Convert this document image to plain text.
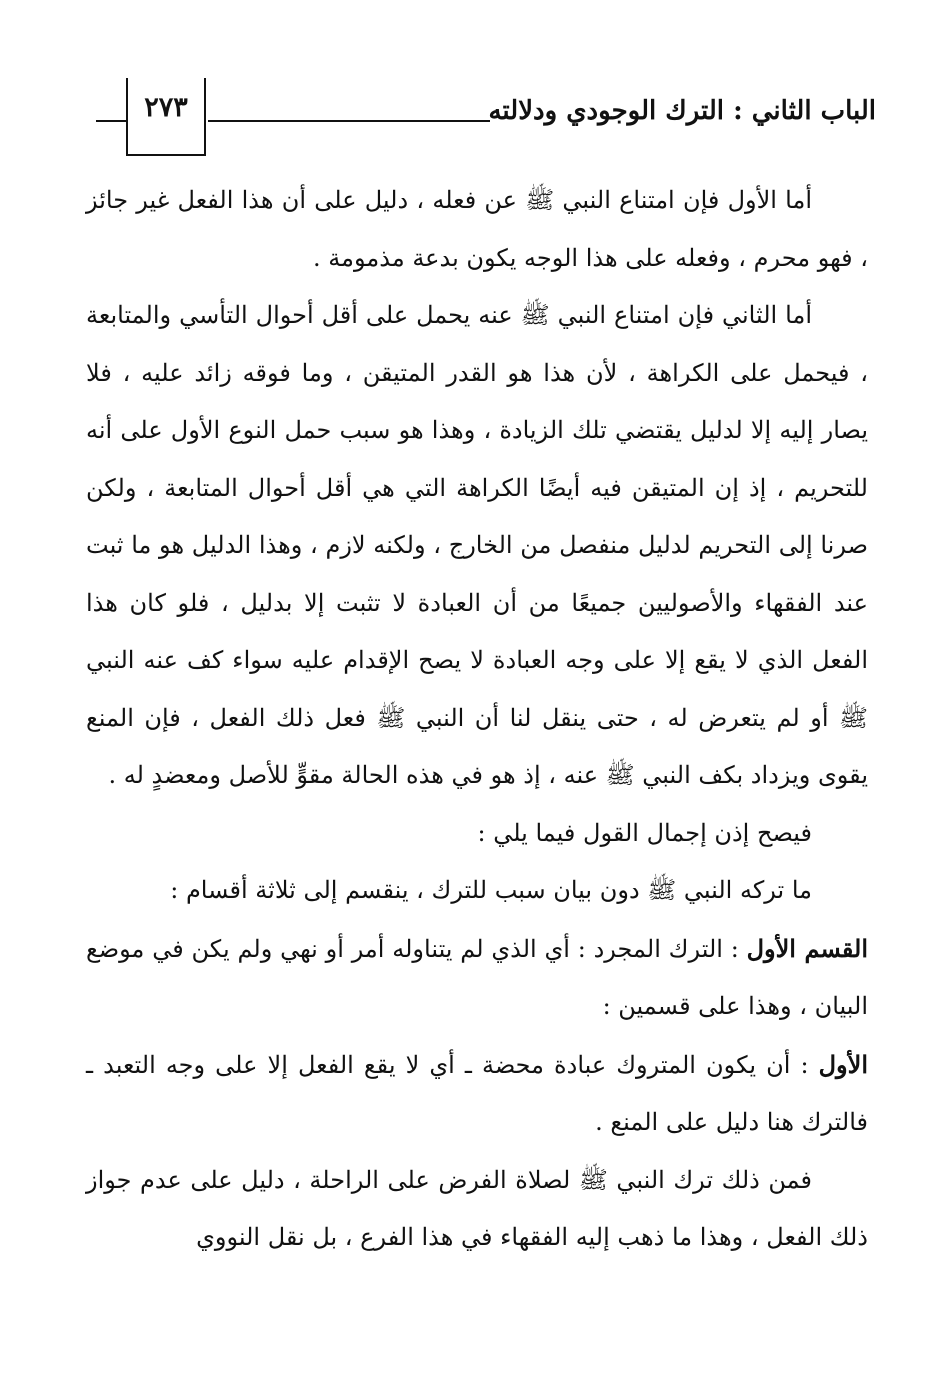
٢٧٣	الباب الثاني : الترك الوجودي ودلالته

أما الأول فإن امتناع النبي ﷺ عن فعله ، دليل على أن هذا الفعل غير جائز ، فهو محرم ، وفعله على هذا الوجه يكون بدعة مذمومة .

أما الثاني فإن امتناع النبي ﷺ عنه يحمل على أقل أحوال التأسي والمتابعة ، فيحمل على الكراهة ، لأن هذا هو القدر المتيقن ، وما فوقه زائد عليه ، فلا يصار إليه إلا لدليل يقتضي تلك الزيادة ، وهذا هو سبب حمل النوع الأول على أنه للتحريم ، إذ إن المتيقن فيه أيضًا الكراهة التي هي أقل أحوال المتابعة ، ولكن صرنا إلى التحريم لدليل منفصل من الخارج ، ولكنه لازم ، وهذا الدليل هو ما ثبت عند الفقهاء والأصوليين جميعًا من أن العبادة لا تثبت إلا بدليل ، فلو كان هذا الفعل الذي لا يقع إلا على وجه العبادة لا يصح الإقدام عليه سواء كف عنه النبي ﷺ أو لم يتعرض له ، حتى ينقل لنا أن النبي ﷺ فعل ذلك الفعل ، فإن المنع يقوى ويزداد بكف النبي ﷺ عنه ، إذ هو في هذه الحالة مقوٍّ للأصل ومعضدٍ له .

فيصح إذن إجمال القول فيما يلي :

ما تركه النبي ﷺ دون بيان سبب للترك ، ينقسم إلى ثلاثة أقسام :

القسم الأول : الترك المجرد : أي الذي لم يتناوله أمر أو نهي ولم يكن في موضع البيان ، وهذا على قسمين :

الأول : أن يكون المتروك عبادة محضة ـ أي لا يقع الفعل إلا على وجه التعبد ـ فالترك هنا دليل على المنع .

فمن ذلك ترك النبي ﷺ لصلاة الفرض على الراحلة ، دليل على عدم جواز ذلك الفعل ، وهذا ما ذهب إليه الفقهاء في هذا الفرع ، بل نقل النووي
